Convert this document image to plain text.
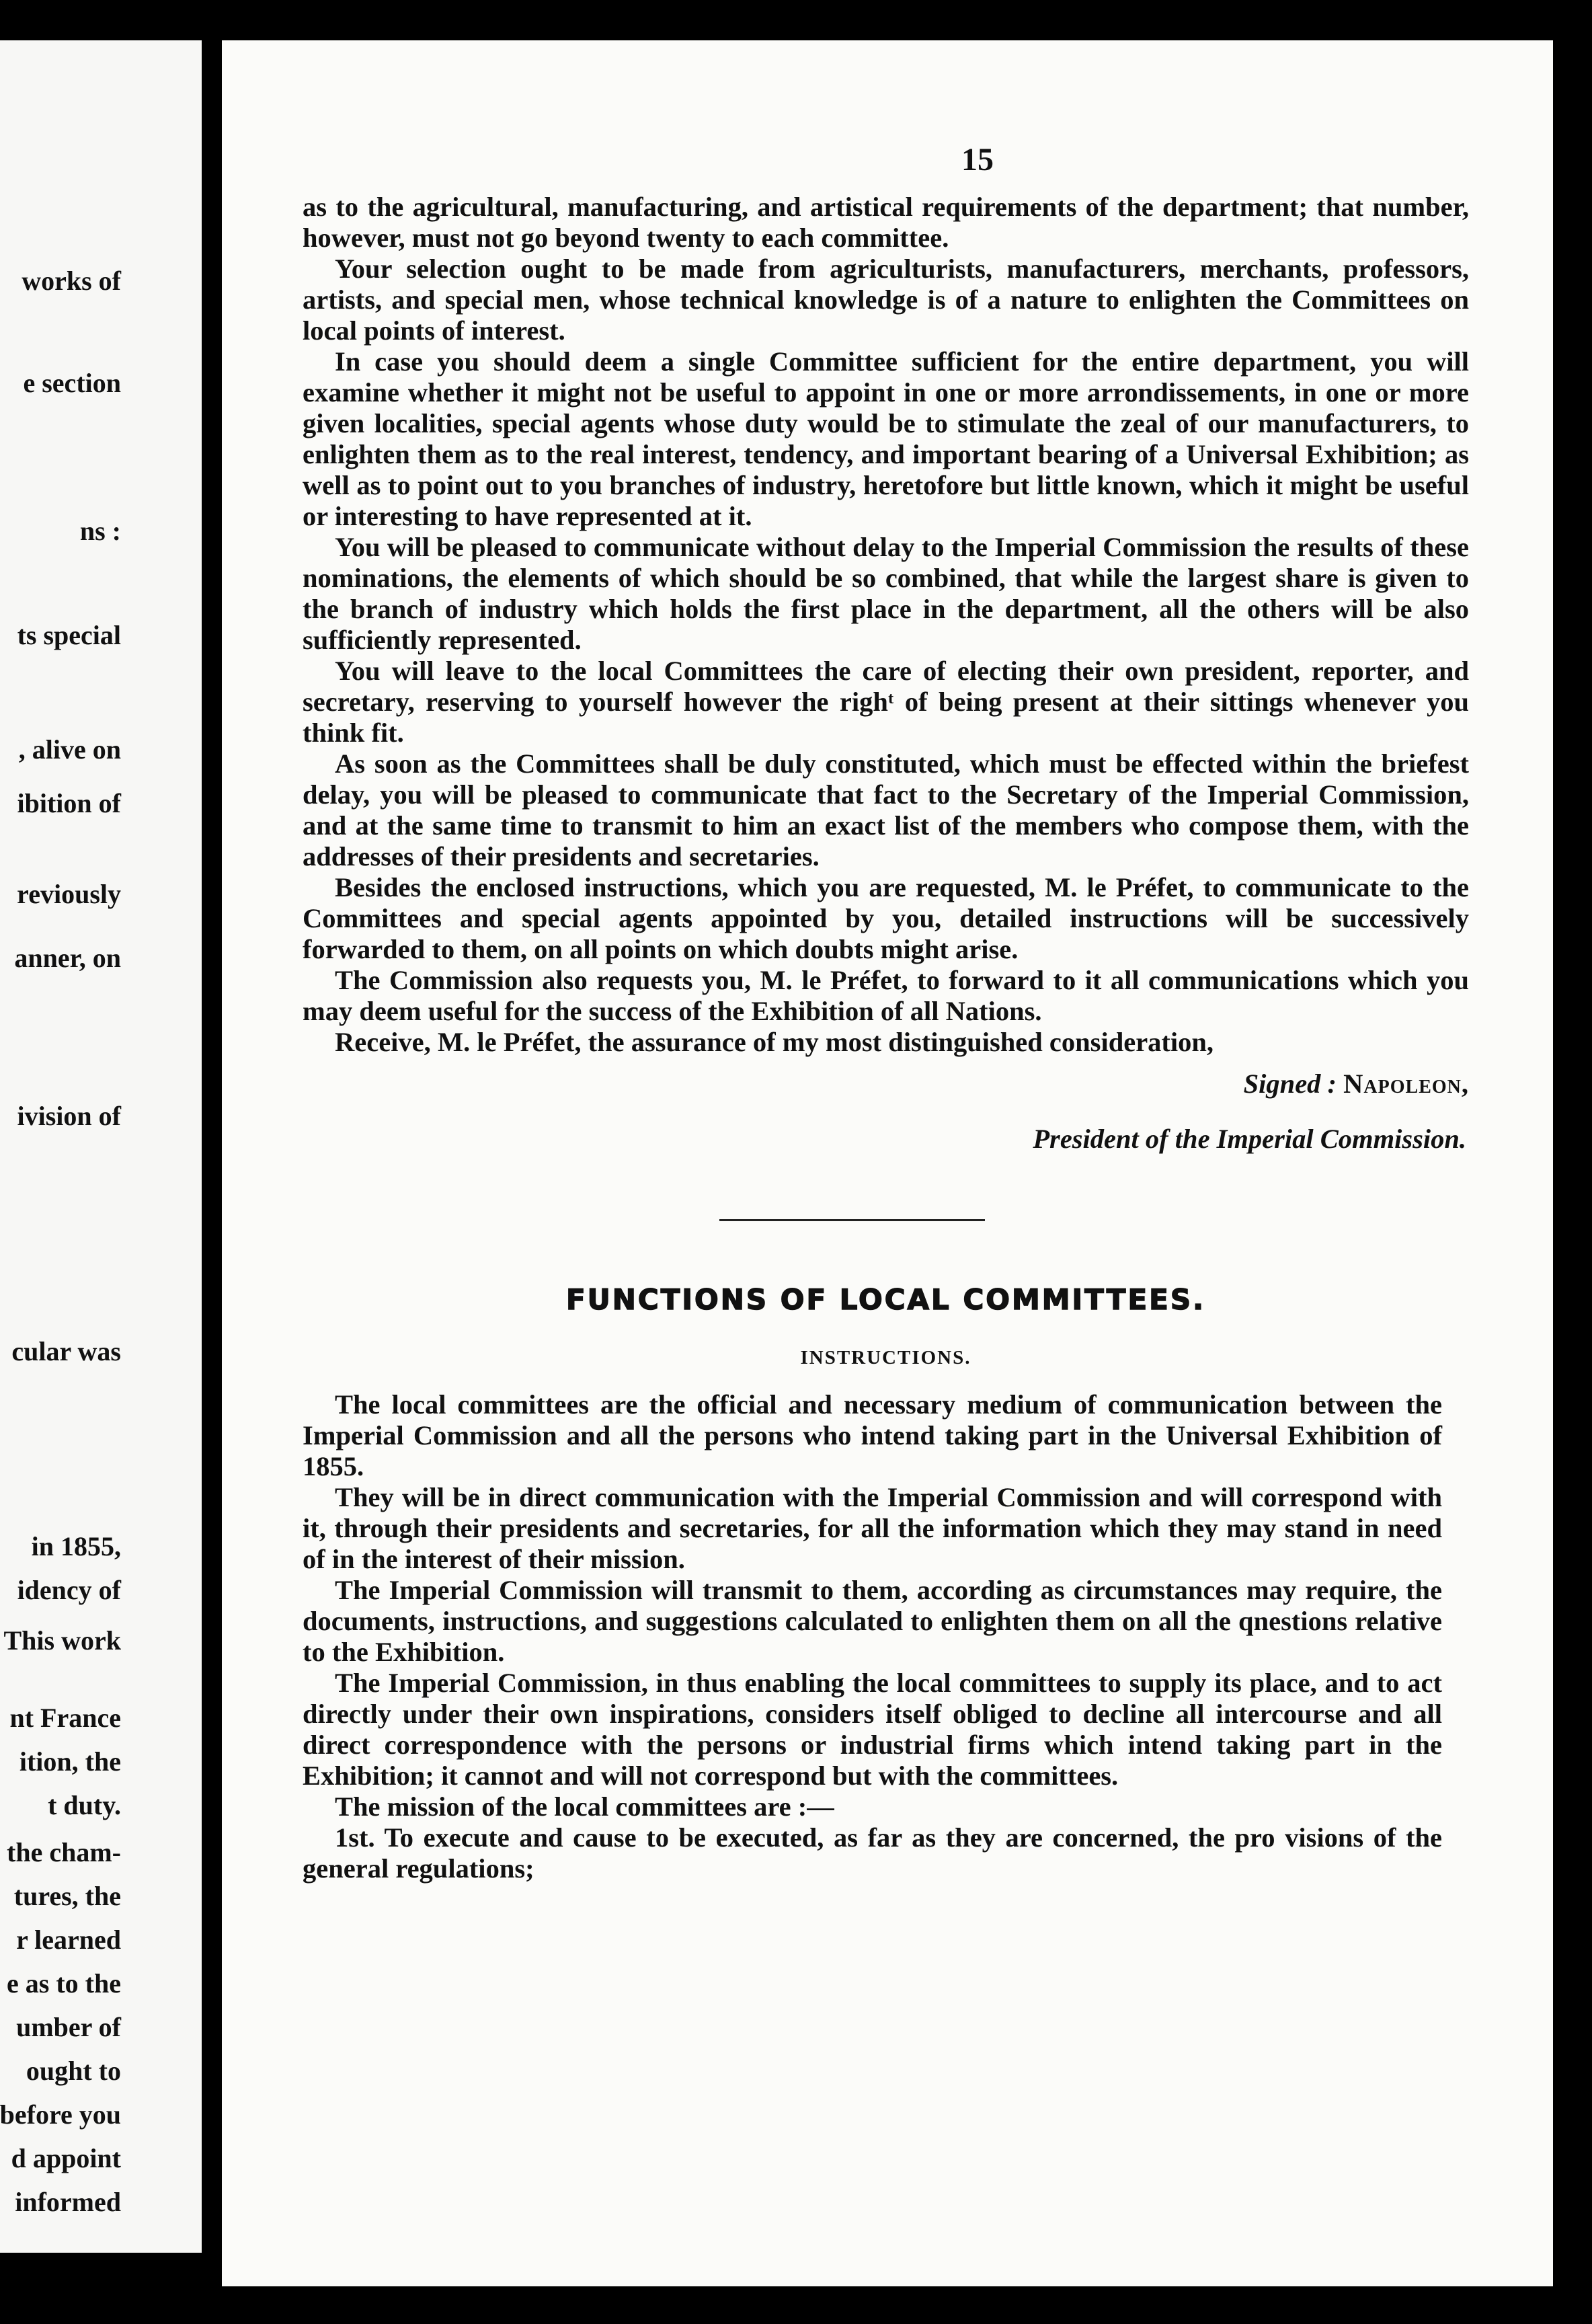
works of
e section
ns :
ts special
, alive on
ibition of
reviously
anner, on
ivision of
cular was
in 1855,
idency of
This work
nt France
ition, the
t duty.
the cham-
tures, the
r learned
e as to the
umber of
ought to
before you
d appoint
informed
15

as to the agricultural, manufacturing, and artistical requirements of the department; that number, however, must not go beyond twenty to each committee.

Your selection ought to be made from agriculturists, manufacturers, merchants, professors, artists, and special men, whose technical knowledge is of a nature to enlighten the Committees on local points of interest.

In case you should deem a single Committee sufficient for the entire department, you will examine whether it might not be useful to appoint in one or more arrondissements, in one or more given localities, special agents whose duty would be to stimulate the zeal of our manufacturers, to enlighten them as to the real interest, tendency, and important bearing of a Universal Exhibition; as well as to point out to you branches of industry, heretofore but little known, which it might be useful or interesting to have represented at it.

You will be pleased to communicate without delay to the Imperial Commission the results of these nominations, the elements of which should be so combined, that while the largest share is given to the branch of industry which holds the first place in the department, all the others will be also sufficiently represented.

You will leave to the local Committees the care of electing their own president, reporter, and secretary, reserving to yourself however the righᵗ of being present at their sittings whenever you think fit.

As soon as the Committees shall be duly constituted, which must be effected within the briefest delay, you will be pleased to communicate that fact to the Secretary of the Imperial Commission, and at the same time to transmit to him an exact list of the members who compose them, with the addresses of their presidents and secretaries.

Besides the enclosed instructions, which you are requested, M. le Préfet, to communicate to the Committees and special agents appointed by you, detailed instructions will be successively forwarded to them, on all points on which doubts might arise.

The Commission also requests you, M. le Préfet, to forward to it all communications which you may deem useful for the success of the Exhibition of all Nations.

Receive, M. le Préfet, the assurance of my most distinguished consideration,

Signed : Napoleon,
President of the Imperial Commission.
FUNCTIONS OF LOCAL COMMITTEES.
INSTRUCTIONS.

The local committees are the official and necessary medium of communication between the Imperial Commission and all the persons who intend taking part in the Universal Exhibition of 1855.

They will be in direct communication with the Imperial Commission and will correspond with it, through their presidents and secretaries, for all the information which they may stand in need of in the interest of their mission.

The Imperial Commission will transmit to them, according as circumstances may require, the documents, instructions, and suggestions calculated to enlighten them on all the qnestions relative to the Exhibition.

The Imperial Commission, in thus enabling the local committees to supply its place, and to act directly under their own inspirations, considers itself obliged to decline all intercourse and all direct correspondence with the persons or industrial firms which intend taking part in the Exhibition; it cannot and will not correspond but with the committees.

The mission of the local committees are :—

1st. To execute and cause to be executed, as far as they are concerned, the pro visions of the general regulations;
